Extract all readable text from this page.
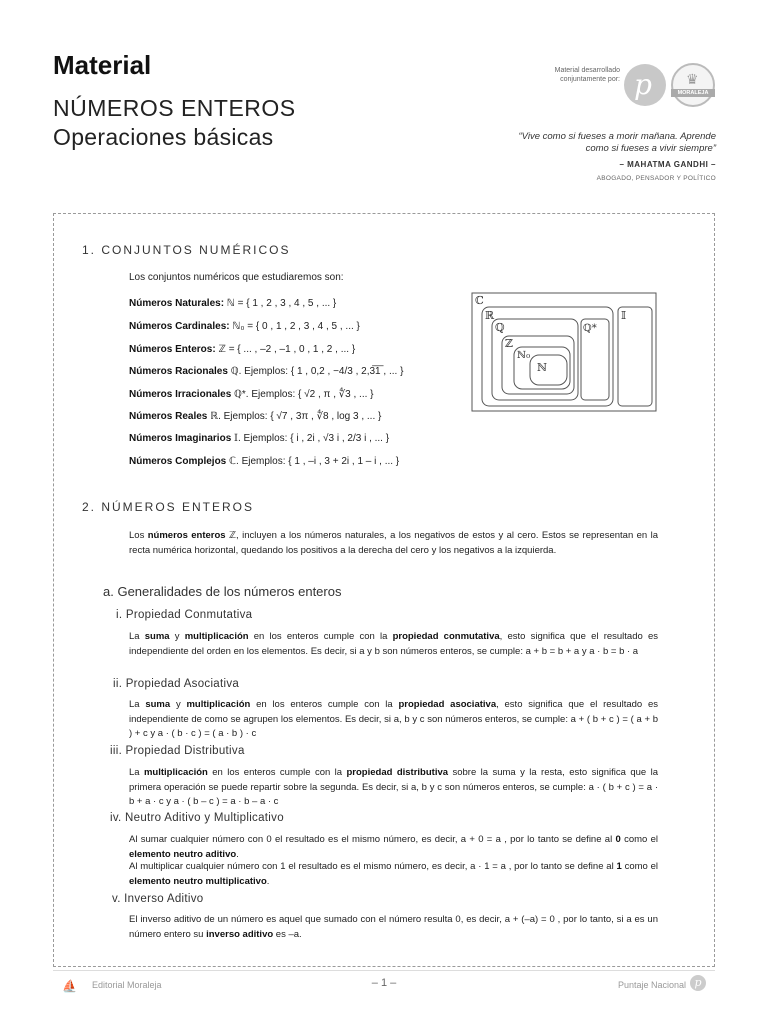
Material
NÚMEROS ENTEROS
Operaciones básicas
Material desarrollado
conjuntamente por: p ♛
MORALEJA
“Vive como si fueses a morir mañana. Aprende
como si fueses a vivir siempre”
– MAHATMA GANDHI –
ABOGADO, PENSADOR Y POLÍTICO
1. CONJUNTOS NUMÉRICOS
Los conjuntos numéricos que estudiaremos son:
Números Naturales: ℕ = { 1 , 2 , 3 , 4 , 5 , ... }
Números Cardinales: ℕ₀ = { 0 , 1 , 2 , 3 , 4 , 5 , ... }
Números Enteros: ℤ = { ... , –2 , –1 , 0 , 1 , 2 , ... }
Números Racionales ℚ. Ejemplos: { 1 , 0,2 , −4/3 , 2,3̅1̅ , ... }
Números Irracionales ℚ*. Ejemplos: { √2 , π , ∜3 , ... }
Números Reales ℝ. Ejemplos: { √7 , 3π , ∜8 , log 3 , ... }
Números Imaginarios 𝕀. Ejemplos: { i , 2i , √3 i , 2/3 i , ... }
Números Complejos ℂ. Ejemplos: { 1 , –i , 3 + 2i , 1 – i , ... }
ℂ
ℝ	𝕀
ℚ	ℚ*
ℤ
ℕ₀
ℕ
2. NÚMEROS ENTEROS
Los números enteros ℤ, incluyen a los números naturales, a los negativos de estos y al cero. Estos se representan en la recta numérica horizontal, quedando los positivos a la derecha del cero y los negativos a la izquierda.
a. Generalidades de los números enteros
i. Propiedad Conmutativa
La suma y multiplicación en los enteros cumple con la propiedad conmutativa, esto significa que el resultado es independiente del orden en los elementos. Es decir, si a y b son números enteros, se cumple: a + b = b + a y a · b = b · a
ii. Propiedad Asociativa
La suma y multiplicación en los enteros cumple con la propiedad asociativa, esto significa que el resultado es independiente de como se agrupen los elementos. Es decir, si a, b y c son números enteros, se cumple: a + ( b + c ) = ( a + b ) + c y a · ( b · c ) = ( a · b ) · c
iii. Propiedad Distributiva
La multiplicación en los enteros cumple con la propiedad distributiva sobre la suma y la resta, esto significa que la primera operación se puede repartir sobre la segunda. Es decir, si a, b y c son números enteros, se cumple: a · ( b + c ) = a · b + a · c y a · ( b – c ) = a · b – a · c
iv. Neutro Aditivo y Multiplicativo
Al sumar cualquier número con 0 el resultado es el mismo número, es decir, a + 0 = a , por lo tanto se define al 0 como el elemento neutro aditivo.
Al multiplicar cualquier número con 1 el resultado es el mismo número, es decir, a · 1 = a , por lo tanto se define al 1 como el elemento neutro multiplicativo.
v. Inverso Aditivo
El inverso aditivo de un número es aquel que sumado con el número resulta 0, es decir, a + (–a) = 0 , por lo tanto, si a es un número entero su inverso aditivo es –a.
⛵ Editorial Moraleja	– 1 –	Puntaje Nacional p
